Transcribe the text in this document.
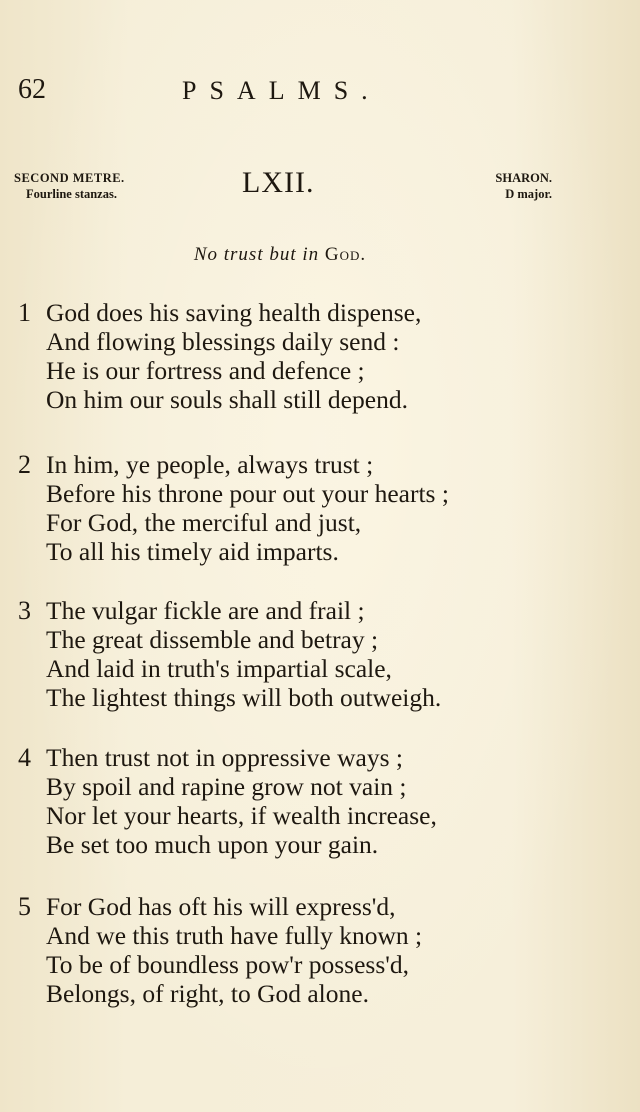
62	PSALMS.
SECOND METRE.
Fourline stanzas.	LXII.	SHARON.
D major.
No trust but in God.
1 God does his saving health dispense,
And flowing blessings daily send :
He is our fortress and defence ;
On him our souls shall still depend.
2 In him, ye people, always trust ;
Before his throne pour out your hearts ;
For God, the merciful and just,
To all his timely aid imparts.
3 The vulgar fickle are and frail ;
The great dissemble and betray ;
And laid in truth's impartial scale,
The lightest things will both outweigh.
4 Then trust not in oppressive ways ;
By spoil and rapine grow not vain ;
Nor let your hearts, if wealth increase,
Be set too much upon your gain.
5 For God has oft his will express'd,
And we this truth have fully known ;
To be of boundless pow'r possess'd,
Belongs, of right, to God alone.
